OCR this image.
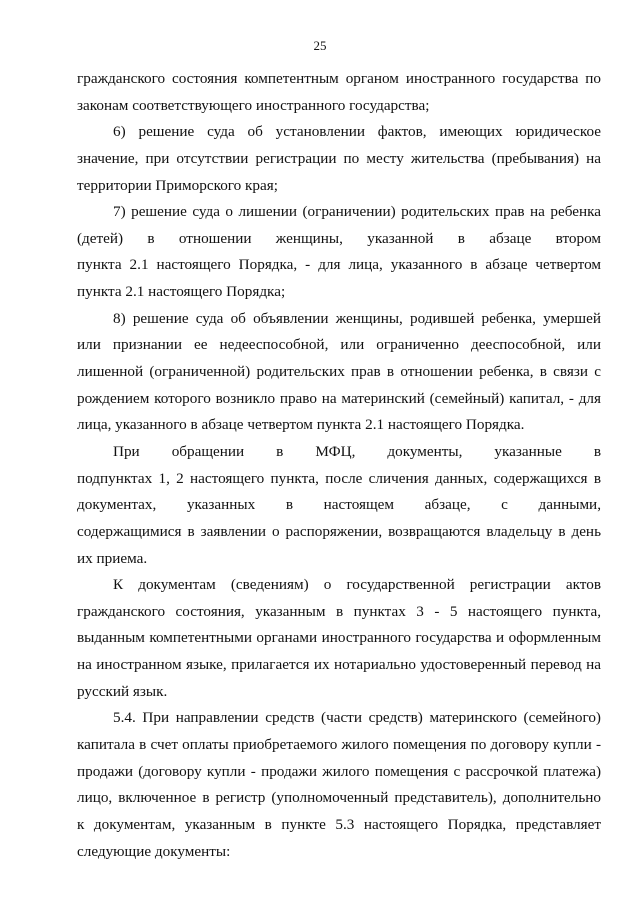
25
гражданского состояния компетентным органом иностранного государства по
законам соответствующего иностранного государства;
6) решение суда об установлении фактов, имеющих юридическое
значение, при отсутствии регистрации по месту жительства (пребывания) на
территории Приморского края;
7) решение суда о лишении (ограничении) родительских прав на ребенка
(детей) в отношении женщины, указанной в абзаце втором
пункта 2.1 настоящего Порядка, - для лица, указанного в абзаце четвертом
пункта 2.1 настоящего Порядка;
8) решение суда об объявлении женщины, родившей ребенка, умершей
или признании ее недееспособной, или ограниченно дееспособной, или
лишенной (ограниченной) родительских прав в отношении ребенка, в связи с
рождением которого возникло право на материнский (семейный) капитал, - для
лица, указанного в абзаце четвертом пункта 2.1 настоящего Порядка.
При обращении в МФЦ, документы, указанные в
подпунктах 1, 2 настоящего пункта, после сличения данных, содержащихся в
документах, указанных в настоящем абзаце, с данными,
содержащимися в заявлении о распоряжении, возвращаются владельцу в день
их приема.
К документам (сведениям) о государственной регистрации актов
гражданского состояния, указанным в пунктах 3 - 5 настоящего пункта,
выданным компетентными органами иностранного государства и оформленным
на иностранном языке, прилагается их нотариально удостоверенный перевод на
русский язык.
5.4. При направлении средств (части средств) материнского (семейного)
капитала в счет оплаты приобретаемого жилого помещения по договору купли -
продажи (договору купли - продажи жилого помещения с рассрочкой платежа)
лицо, включенное в регистр (уполномоченный представитель), дополнительно
к документам, указанным в пункте 5.3 настоящего Порядка, представляет
следующие документы:
